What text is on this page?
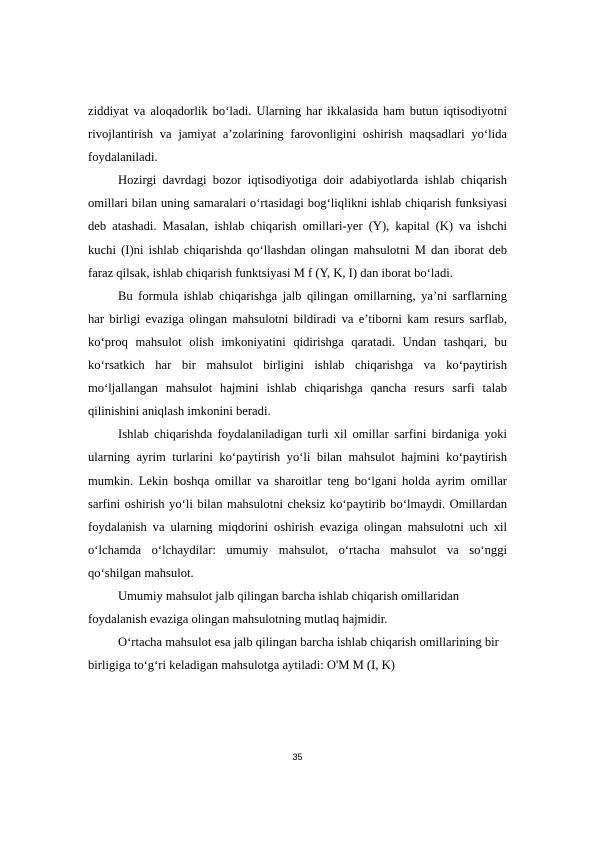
ziddiyat va aloqadorlik bo‘ladi. Ularning har ikkalasida ham butun iqtisodiyotni rivojlantirish va jamiyat a’zolarining farovonligini oshirish maqsadlari yo‘lida foydalaniladi.

Hozirgi davrdagi bozor iqtisodiyotiga doir adabiyotlarda ishlab chiqarish omillari bilan uning samaralari o‘rtasidagi bog‘liqlikni ishlab chiqarish funksiyasi deb atashadi. Masalan, ishlab chiqarish omillari-yer (Y), kapital (K) va ishchi kuchi (I)ni ishlab chiqarishda qo‘llashdan olingan mahsulotni M dan iborat deb faraz qilsak, ishlab chiqarish funktsiyasi M f (Y, K, I) dan iborat bo‘ladi.

Bu formula ishlab chiqarishga jalb qilingan omillarning, ya’ni sarflarning har birligi evaziga olingan mahsulotni bildiradi va e’tiborni kam resurs sarflab, ko‘proq mahsulot olish imkoniyatini qidirishga qaratadi. Undan tashqari, bu ko‘rsatkich har bir mahsulot birligini ishlab chiqarishga va ko‘paytirish mo‘ljallangan mahsulot hajmini ishlab chiqarishga qancha resurs sarfi talab qilinishini aniqlash imkonini beradi.

Ishlab chiqarishda foydalaniladigan turli xil omillar sarfini birdaniga yoki ularning ayrim turlarini ko‘paytirish yo‘li bilan mahsulot hajmini ko‘paytirish mumkin. Lekin boshqa omillar va sharoitlar teng bo‘lgani holda ayrim omillar sarfini oshirish yo‘li bilan mahsulotni cheksiz ko‘paytirib bo‘lmaydi. Omillardan foydalanish va ularning miqdorini oshirish evaziga olingan mahsulotni uch xil o‘lchamda o‘lchaydilar: umumiy mahsulot, o‘rtacha mahsulot va so‘nggi qo‘shilgan mahsulot.

Umumiy mahsulot jalb qilingan barcha ishlab chiqarish omillaridan foydalanish evaziga olingan mahsulotning mutlaq hajmidir.

O‘rtacha mahsulot esa jalb qilingan barcha ishlab chiqarish omillarining bir birligiga to‘g‘ri keladigan mahsulotga aytiladi: O'M M (I, K)

35
